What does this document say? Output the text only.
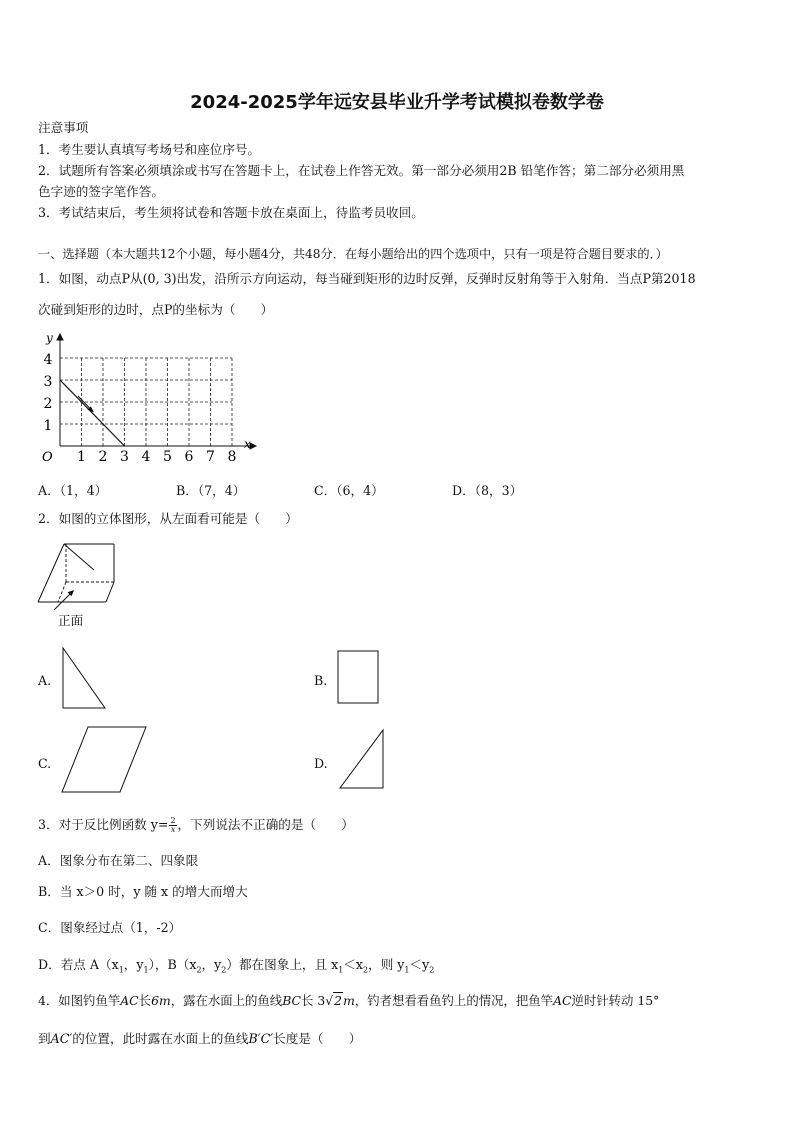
2024-2025学年远安县毕业升学考试模拟卷数学卷
注意事项
1．考生要认真填写考场号和座位序号。
2．试题所有答案必须填涂或书写在答题卡上，在试卷上作答无效。第一部分必须用2B 铅笔作答；第二部分必须用黑
色字迹的签字笔作答。
3．考试结束后，考生须将试卷和答题卡放在桌面上，待监考员收回。
一、选择题（本大题共12个小题，每小题4分，共48分．在每小题给出的四个选项中，只有一项是符合题目要求的．）
1．如图，动点P从(0, 3)出发，沿所示方向运动，每当碰到矩形的边时反弹，反弹时反射角等于入射角．当点P第2018
次碰到矩形的边时，点P的坐标为（　　）
y
x
O
1
2
3
4
1 2 3 4 5 6 7 8
A．（1，4）	B．（7，4）	C．（6，4）	D．（8，3）
2．如图的立体图形，从左面看可能是（　　）
正面
A.	B.
C.	D.
3．对于反比例函数 $y= \frac{2}{x}$ ，下列说法不正确的是（　　）
A．图象分布在第二、四象限
B．当 x＞0 时，y 随 x 的增大而增大
C．图象经过点（1，-2）
D．若点 $A(x_1$，$y_1$），$B(x_2$，$y_2$）都在图象上，且 $x_1<x_2$，则 $y_1<y_2$
4．如图钓鱼竿AC长6m，露在水面上的鱼线BC长 3√2m，钓者想看看鱼钓上的情况，把鱼竿AC逆时针转动 15°
到AC′的位置，此时露在水面上的鱼线B′C′长度是（　　）
